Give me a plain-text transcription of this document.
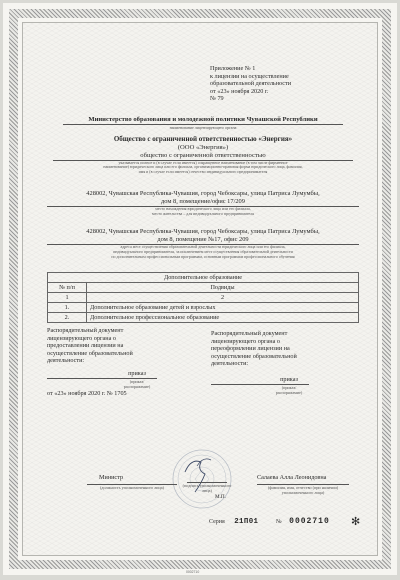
Приложение № 1
к лицензии на осуществление
образовательной деятельности
от «23» ноября 2020 г.
№ 79
Министерство образования и молодежной политики Чувашской Республики
наименование лицензирующего органа
Общество с ограниченной ответственностью «Энергия»
(ООО «Энергия»)
общество с ограниченной ответственностью
указывается полное и (в случае если имеется) сокращенное наименование (в том числе фирменное
наименование) юридического лица или его филиала, организационно-правовая форма юридического лица, фамилия,
имя и (в случае если имеется) отчество индивидуального предпринимателя
428002, Чувашская Республика-Чувашия, город Чебоксары, улица Патриса Лумумбы,
дом 8, помещение/офис 17/209
место нахождения юридического лица или его филиала,
место жительства – для индивидуального предпринимателя
428002, Чувашская Республика-Чувашия, город Чебоксары, улица Патриса Лумумбы,
дом 8, помещение №17, офис 209
адреса мест осуществления образовательной деятельности юридического лица или его филиала,
индивидуального предпринимателя, за исключением мест осуществления образовательной деятельности
по дополнительным профессиональным программам, основным программам профессионального обучения
Дополнительное образование	
№ п/п	Подвиды
1	2
1.	Дополнительное образование детей и взрослых
2.	Дополнительное профессиональное образование
Распорядительный документ
лицензирующего органа о
предоставлении лицензии на
осуществление образовательной
деятельности:
приказ
(приказ/распоряжение)
от «23» ноября 2020 г. № 1705
Распорядительный документ
лицензирующего органа о
переоформлении лицензии на
осуществление образовательной
деятельности:
приказ
(приказ/распоряжение)
Министр
(должность уполномоченного лица)	(подпись уполномоченного лица)
М.П.
Салаева Алла Леонидовна
(фамилия, имя, отчество (при наличии)
уполномоченного лица)
Серия 21П01	№ 0002710 ✻
0002710
